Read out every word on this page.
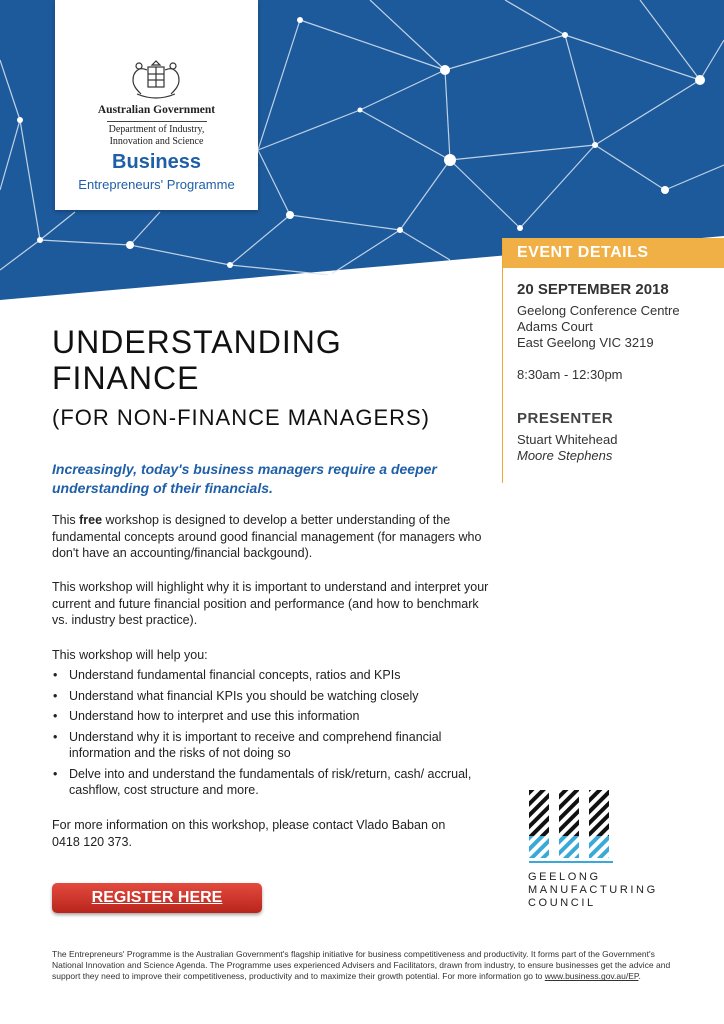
Australian Government
Department of Industry,
Innovation and Science
Business
Entrepreneurs' Programme
EVENT DETAILS
20 SEPTEMBER 2018
Geelong Conference Centre
Adams Court
East Geelong VIC 3219
8:30am - 12:30pm
PRESENTER
Stuart Whitehead
Moore Stephens
UNDERSTANDING
FINANCE
(FOR NON-FINANCE MANAGERS)
Increasingly, today's business managers require a deeper understanding of their financials.
This free workshop is designed to develop a better understanding of the fundamental concepts around good financial management (for managers who don't have an accounting/financial backgound).
This workshop will highlight why it is important to understand and interpret your current and future financial position and performance (and how to benchmark vs. industry best practice).
This workshop will help you:
• Understand fundamental financial concepts, ratios and KPIs
• Understand what financial KPIs you should be watching closely
• Understand how to interpret and use this information
• Understand why it is important to receive and comprehend financial information and the risks of not doing so
• Delve into and understand the fundamentals of risk/return, cash/ accrual, cashflow, cost structure and more.
For more information on this workshop, please contact Vlado Baban on 0418 120 373.
REGISTER HERE
GEELONG
MANUFACTURING
COUNCIL
The Entrepreneurs' Programme is the Australian Government's flagship initiative for business competitiveness and productivity. It forms part of the Government's National Innovation and Science Agenda. The Programme uses experienced Advisers and Facilitators, drawn from industry, to ensure businesses get the advice and support they need to improve their competitiveness, productivity and to maximize their growth potential. For more information go to www.business.gov.au/EP.
